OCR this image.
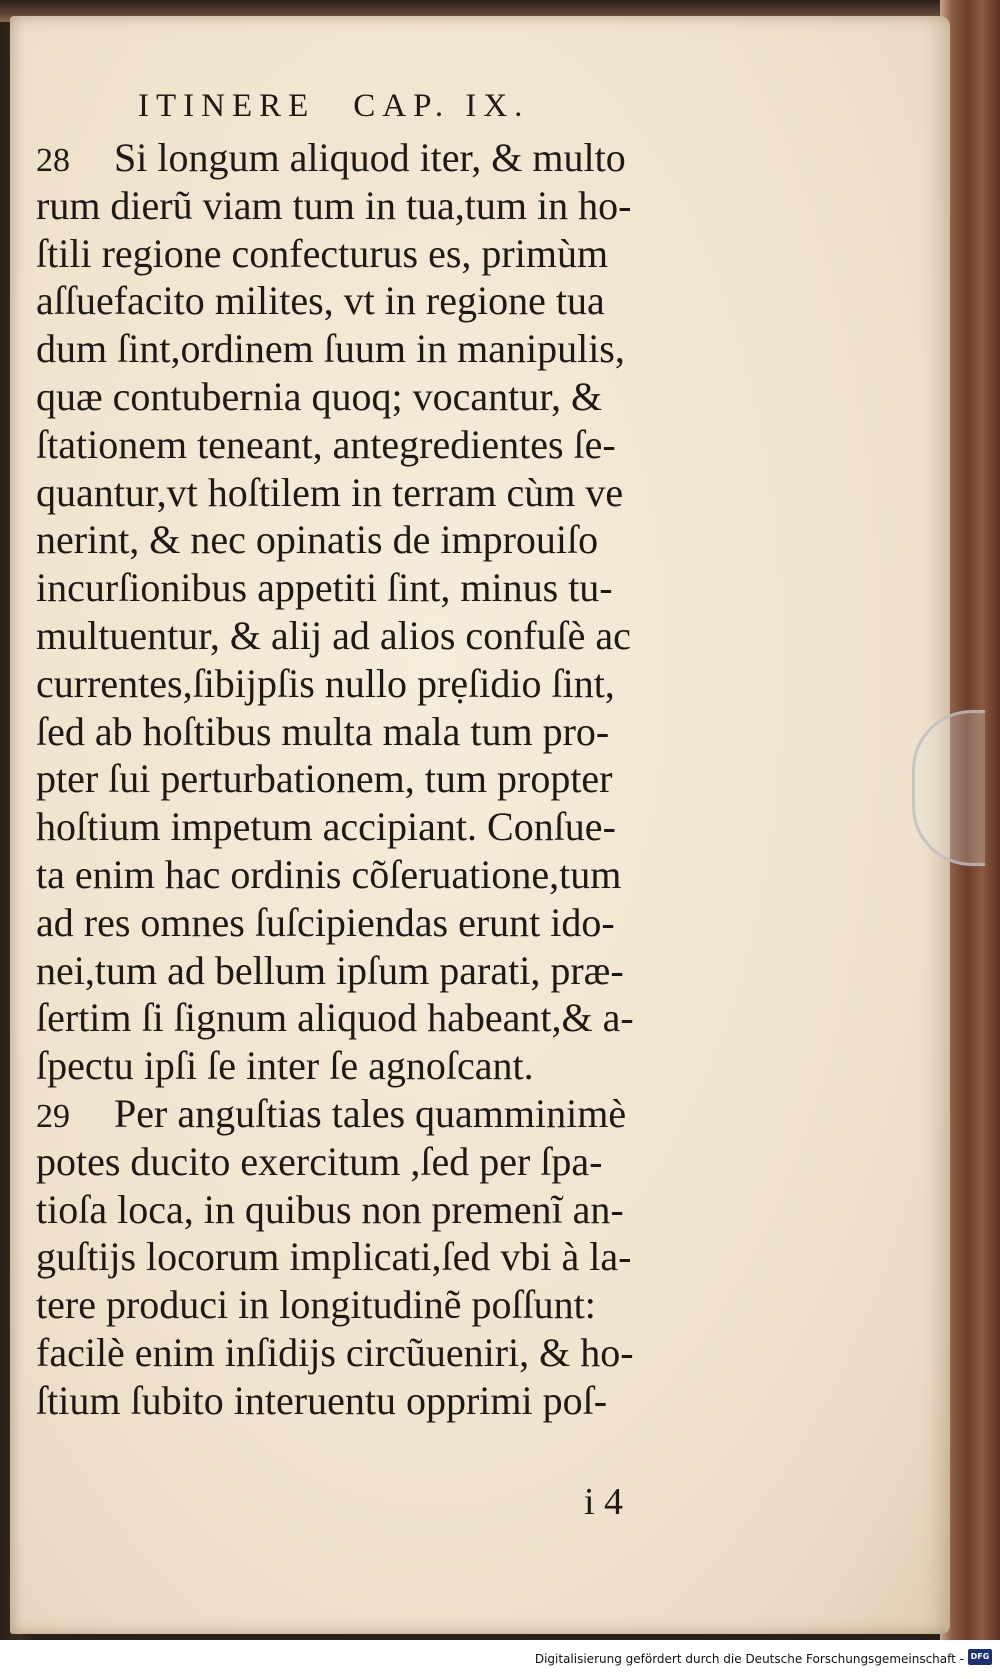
ITINERE CAP. IX.
28 Si longum aliquod iter, & multo
rum dierũ viam tum in tua,tum in ho-
ſtili regione confecturus es, primùm
aſſuefacito milites, vt in regione tua
dum ſint,ordinem ſuum in manipulis,
quæ contubernia quoq; vocantur, &
ſtationem teneant, antegredientes ſe-
quantur,vt hoſtilem in terram cùm ve
nerint, & nec opinatis de improuiſo
incurſionibus appetiti ſint, minus tu-
multuentur, & alij ad alios confuſè ac
currentes,ſibijpſis nullo prẹſidio ſint,
ſed ab hoſtibus multa mala tum pro-
pter ſui perturbationem, tum propter
hoſtium impetum accipiant. Conſue-
ta enim hac ordinis cõſeruatione,tum
ad res omnes ſuſcipiendas erunt ido-
nei,tum ad bellum ipſum parati, præ-
ſertim ſi ſignum aliquod habeant,& a-
ſpectu ipſi ſe inter ſe agnoſcant.
29 Per anguſtias tales quamminimè
potes ducito exercitum ,ſed per ſpa-
tioſa loca, in quibus non premenĩ an-
guſtijs locorum implicati,ſed vbi à la-
tere produci in longitudinẽ poſſunt:
facilè enim inſidijs circũueniri, & ho-
ſtium ſubito interuentu opprimi poſ-
i 4
Digitalisierung gefördert durch die Deutsche Forschungsgemeinschaft - DFG
